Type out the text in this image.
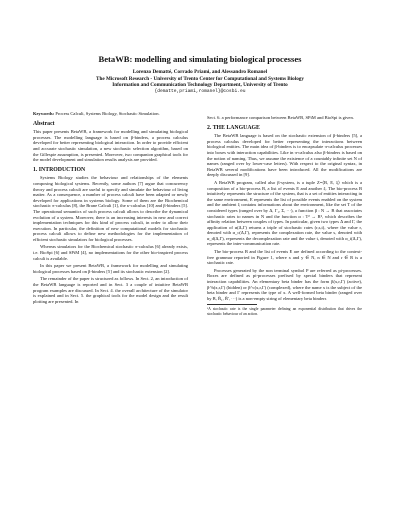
BetaWB: modelling and simulating biological processes
Lorenzo Dematté, Corrado Priami, and Alessandro Romanel
The Microsoft Research - University of Trento Center for Computational and Systems Biology
Information and Communication Technology Department, University of Trento
{dematte,priami,romanel}@cosbi.eu
Keywords: Process Calculi, Systems Biology, Stochastic Simulation.
Abstract

This paper presents BetaWB, a framework for modelling and simulating biological processes. The modelling language is based on β-binders, a process calculus developed for better representing biological interaction. In order to provide efficient and accurate stochastic simulation, a new stochastic selection algorithm, based on the Gillespie assumption, is presented. Moreover, two companion graphical tools for the model development and simulation results analysis are provided.

1. INTRODUCTION

Systems Biology studies the behaviour and relationships of the elements composing biological systems. Recently, some authors [7] argue that concurrency theory and process calculi are useful to specify and simulate the behaviour of living matter. As a consequence, a number of process calculi have been adapted or newly developed for applications in systems biology. Some of them are the Biochemical stochastic π-calculus [8], the Brane Calculi [1], the κ-calculus [10] and β-binders [5]. The operational semantics of such process calculi allows to describe the dynamical evolution of a system. Moreover, there is an increasing interests in new and correct implementation techniques for this kind of process calculi, in order to allow their execution. In particular, the definition of new computational models for stochastic process calculi allows to define new methodologies for the implementation of efficient stochastic simulators for biological processes.

Whereas simulators for the Biochemical stochastic π-calculus [6] already exists, i.e. BioSpi [6] and SPiM [4], no implementations for the other bio-inspired process calculi is available.

In this paper we present BetaWB, a framework for modelling and simulating biological processes based on β-binders [5] and its stochastic extension [2].

The remainder of the paper is structured as follows. In Sect. 2, an introduction of the BetaWB language is reported and in Sect. 3 a couple of intuitive BetaWB program examples are discussed. In Sect. 4. the overall architecture of the simulator is explained and in Sect. 5. the graphical tools for the model design and the result plotting are presented. In

Sect. 6. a performance comparison between BetaWB, SPiM and BioSpi is given.

2. THE LANGUAGE

The BetaWB language is based on the stochastic extension of β-binders [5], a process calculus developed for better representing the interactions between biological entities. The main idea of β-binders is to encapsulate π-calculus processes into boxes with interaction capabilities. Like in π-calculus also β-binders is based on the notion of naming. Thus, we assume the existence of a countably infinite set N of names (ranged over by lower-case letters). With respect to the original syntax, in BetaWB several modifications have been introduced. All the modifications are deeply discussed in [9].

A BetaWB program, called also β-system, is a tuple Z=⟨B, E, ξ⟩ which is a composition of a bio-process B, a list of events E and another ξ. The bio-process B intuitively represents the structure of the system, that is a set of entities interacting in the same environment, E represents the list of possible events enabled on the system and the ambient ξ contains informations about the environment, like the set T of the considered types (ranged over by Δ, Γ₁, Σ, ···), a function β : N → B that associates stochastic rates to names in N and the function α : T² → R³, which describes the affinity relation between couples of types. In particular, given two types Δ and Γ, the application of α(Δ,Γ) returns a triple of stochastic rates (r,s,t), where the value r, denoted with α_c(Δ,Γ), represents the complexation rate, the value s, denoted with α_d(Δ,Γ), represents the decomplexation rate and the value t, denoted with α_i(Δ,Γ), represents the inter-communication rate.

The bio-process B and the list of events E are defined according to the context-free grammar reported in Figure 1, where x and y ∈ N, n ∈ N and r ∈ R is a stochastic rate.

Processes generated by the non terminal symbol P are referred as pi-processes. Boxes are defined as pi-processes prefixed by special binders that represent interaction capabilities. An elementary beta binder has the form β(x,r,Γ) (active), β^h(x,r,Γ) (hidden) or β^c(x,r,Γ) (complexed), where the name x is the subject of the beta binder and Γ represents the type of x. A well-formed beta binder (ranged over by B, B̄₁, B̄′, ···) is a non-empty string of elementary beta binders

¹A stochastic rate is the single parameter defining an exponential distribution that drives the stochastic behaviour of an action.
